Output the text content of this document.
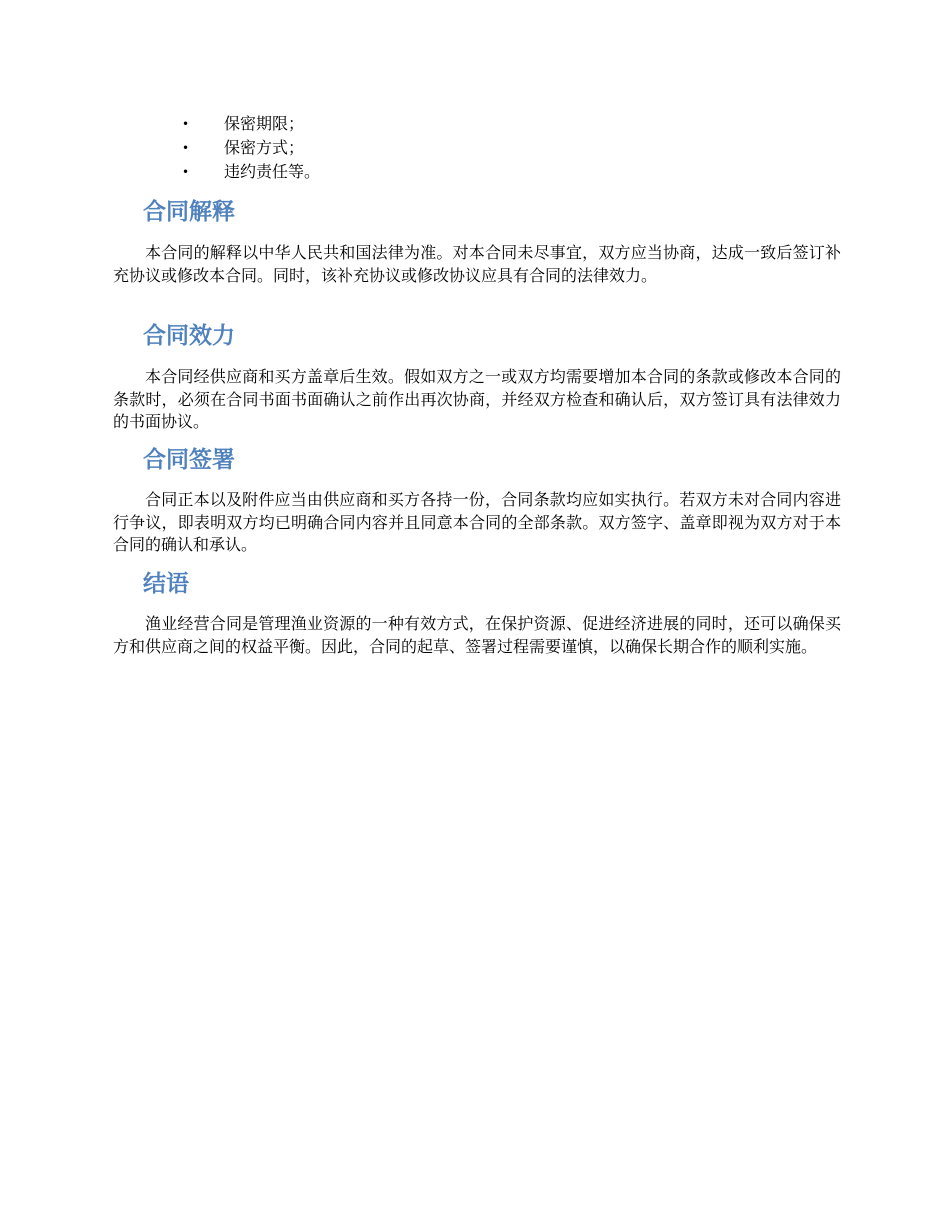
• 保密期限；
• 保密方式；
• 违约责任等。
合同解释

本合同的解释以中华人民共和国法律为准。对本合同未尽事宜，双方应当协商，达成一致后签订补充协议或修改本合同。同时，该补充协议或修改协议应具有合同的法律效力。

合同效力

本合同经供应商和买方盖章后生效。假如双方之一或双方均需要增加本合同的条款或修改本合同的条款时，必须在合同书面书面确认之前作出再次协商，并经双方检查和确认后，双方签订具有法律效力的书面协议。

合同签署

合同正本以及附件应当由供应商和买方各持一份，合同条款均应如实执行。若双方未对合同内容进行争议，即表明双方均已明确合同内容并且同意本合同的全部条款。双方签字、盖章即视为双方对于本合同的确认和承认。

结语

渔业经营合同是管理渔业资源的一种有效方式，在保护资源、促进经济进展的同时，还可以确保买方和供应商之间的权益平衡。因此，合同的起草、签署过程需要谨慎，以确保长期合作的顺利实施。
